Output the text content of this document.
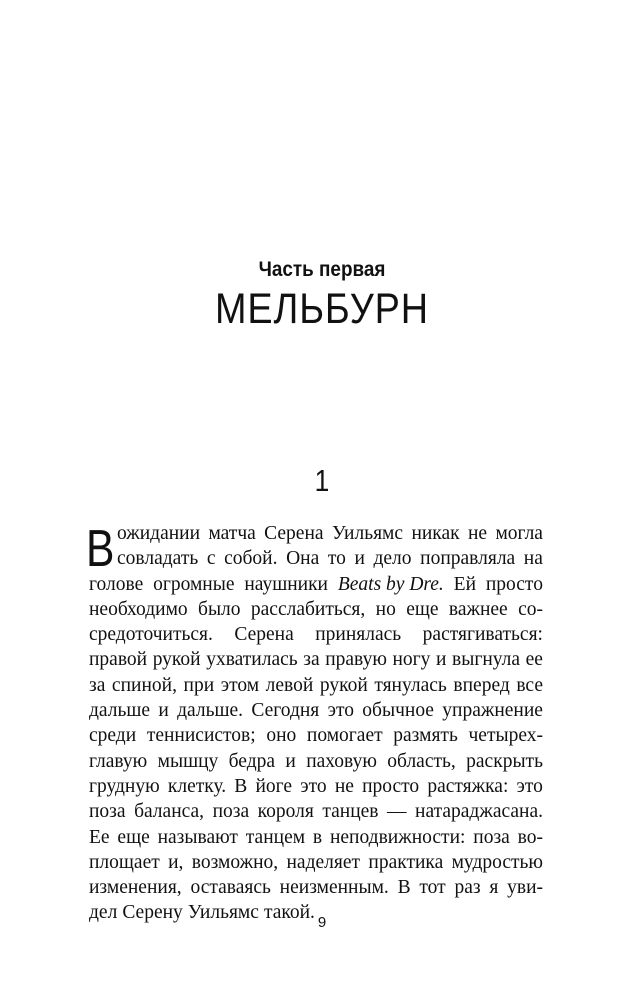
Часть первая
МЕЛЬБУРН
1
В ожидании матча Серена Уильямс никак не могла
совладать с собой. Она то и дело поправляла на
голове огромные наушники Beats by Dre. Ей просто
необходимо было расслабиться, но еще важнее со-
средоточиться. Серена принялась растягиваться:
правой рукой ухватилась за правую ногу и выгнула ее
за спиной, при этом левой рукой тянулась вперед все
дальше и дальше. Сегодня это обычное упражнение
среди теннисистов; оно помогает размять четырех-
главую мышцу бедра и паховую область, раскрыть
грудную клетку. В йоге это не просто растяжка: это
поза баланса, поза короля танцев — натараджасана.
Ее еще называют танцем в неподвижности: поза во-
площает и, возможно, наделяет практика мудростью
изменения, оставаясь неизменным. В тот раз я уви-
дел Серену Уильямс такой. 9
